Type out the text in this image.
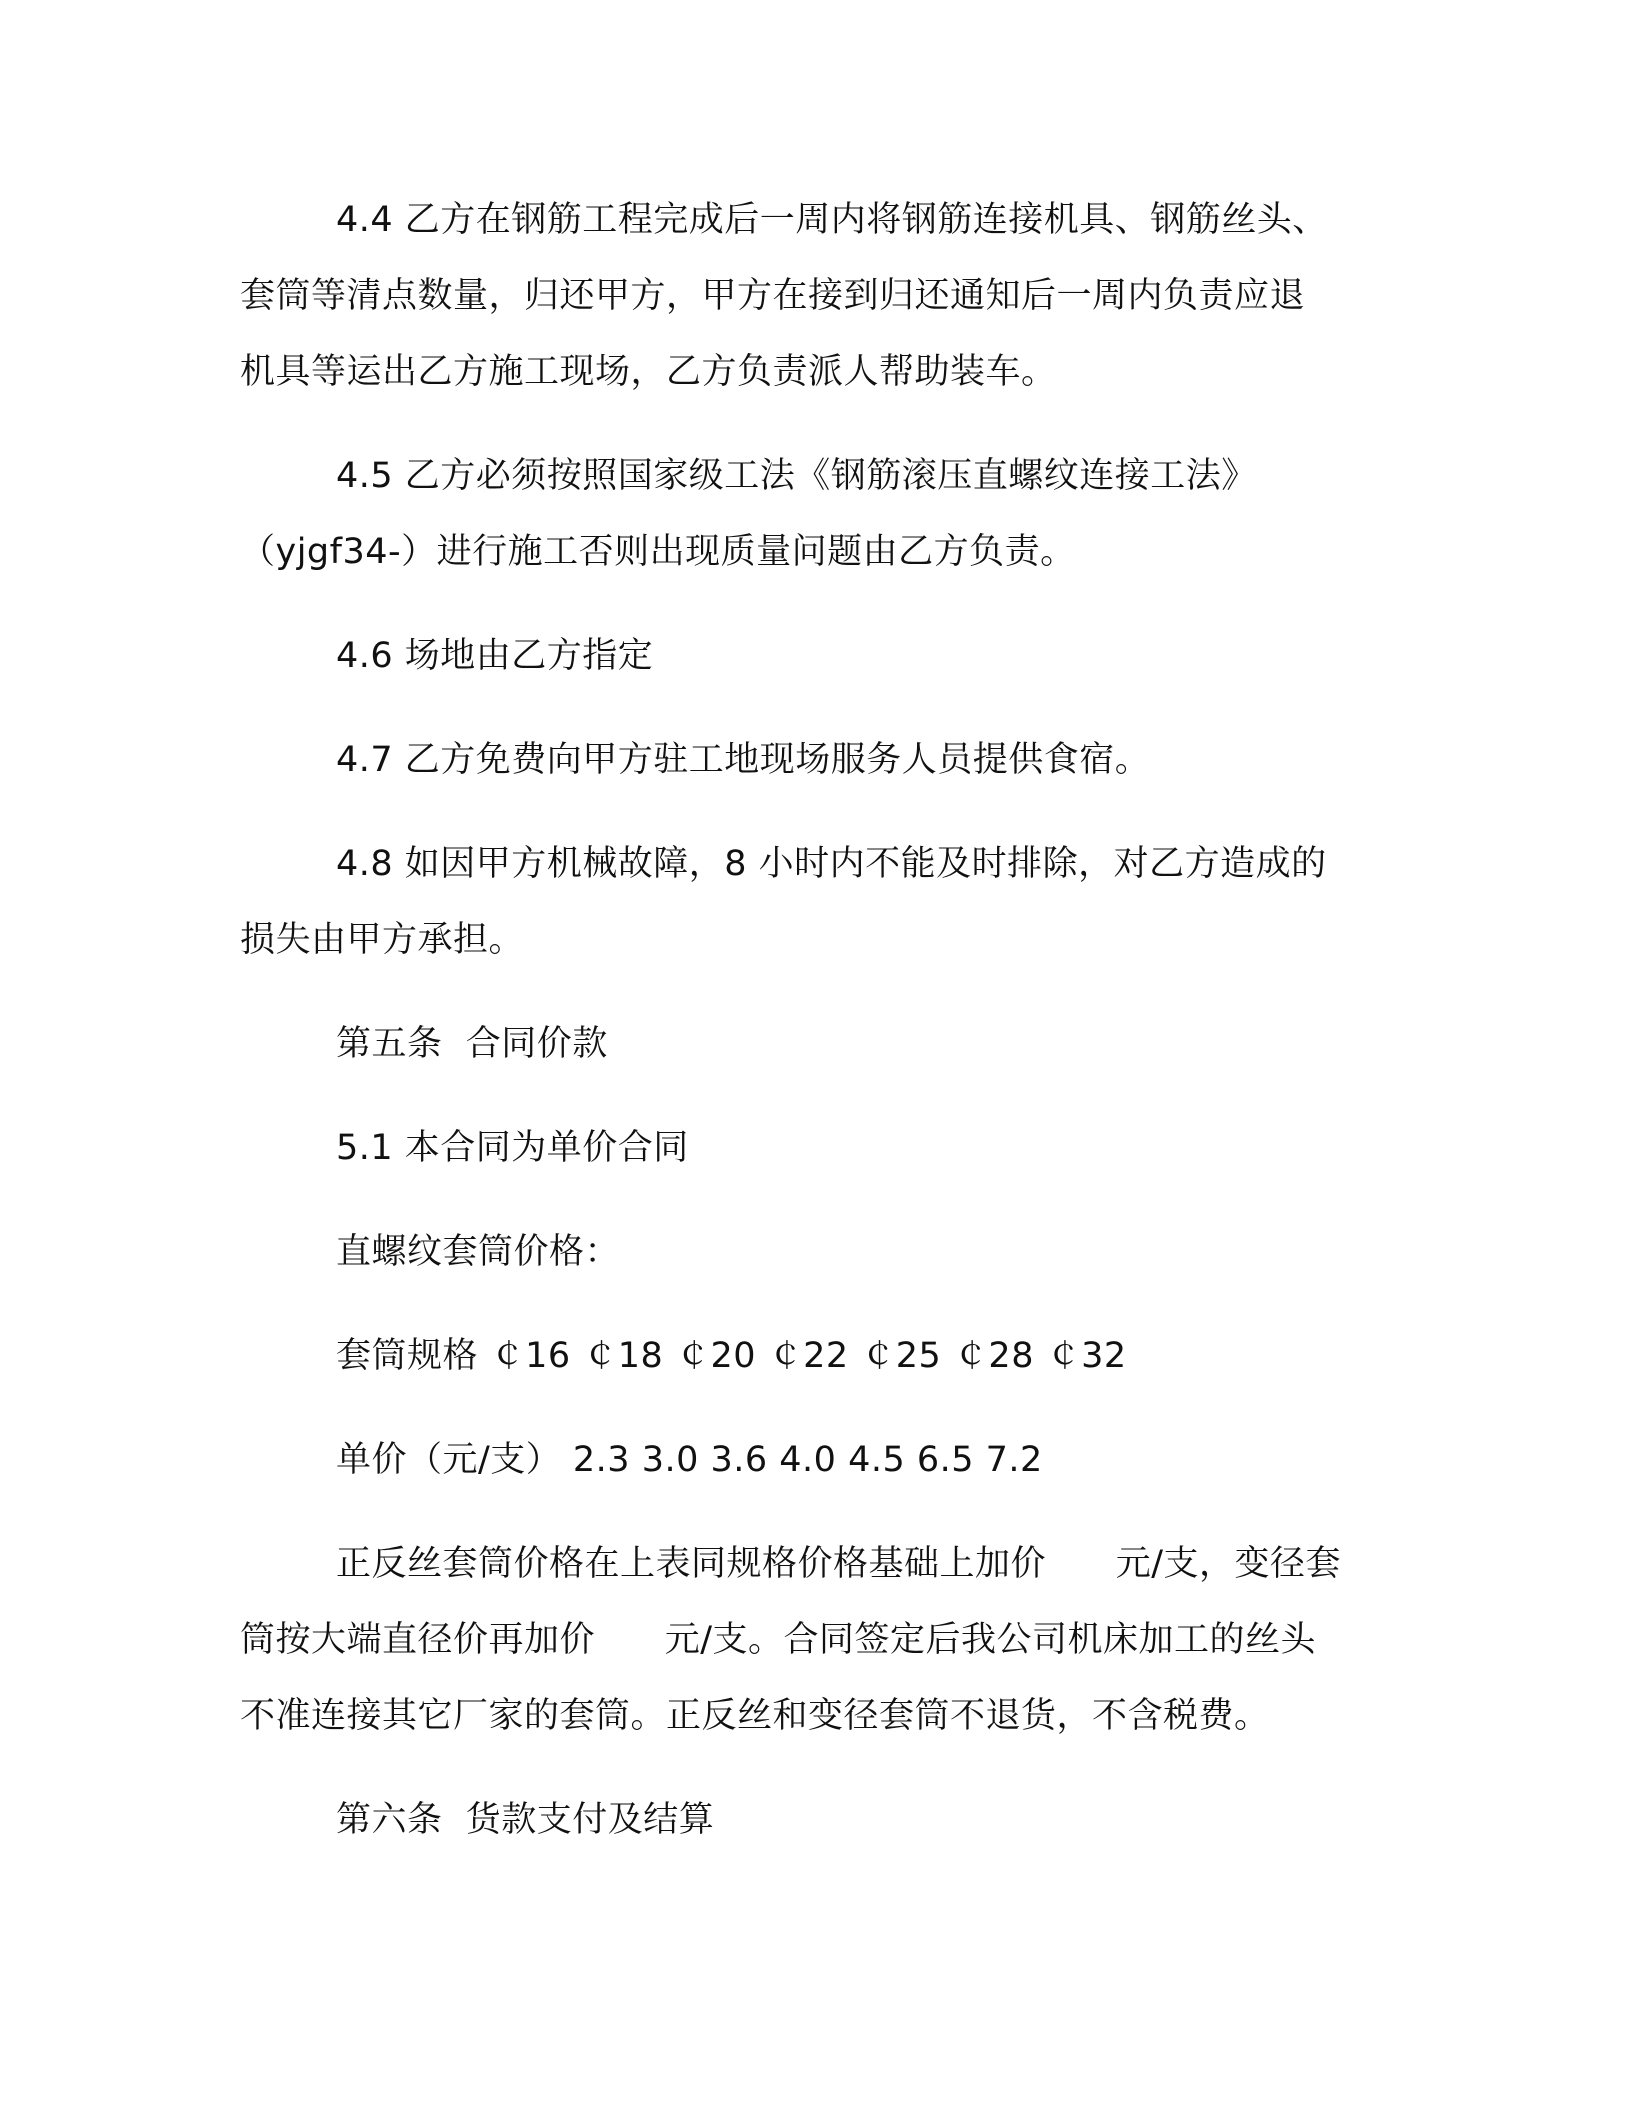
4.4 乙方在钢筋工程完成后一周内将钢筋连接机具、钢筋丝头、
套筒等清点数量，归还甲方，甲方在接到归还通知后一周内负责应退
机具等运出乙方施工现场，乙方负责派人帮助装车。
4.5 乙方必须按照国家级工法《钢筋滚压直螺纹连接工法》
（yjgf34-）进行施工否则出现质量问题由乙方负责。
4.6 场地由乙方指定
4.7 乙方免费向甲方驻工地现场服务人员提供食宿。
4.8 如因甲方机械故障，8 小时内不能及时排除，对乙方造成的
损失由甲方承担。
第五条  合同价款
5.1 本合同为单价合同
直螺纹套筒价格：
套筒规格 ￠16 ￠18 ￠20 ￠22 ￠25 ￠28 ￠32
单价（元/支） 2.3 3.0 3.6 4.0 4.5 6.5 7.2
正反丝套筒价格在上表同规格价格基础上加价      元/支，变径套
筒按大端直径价再加价      元/支。合同签定后我公司机床加工的丝头
不准连接其它厂家的套筒。正反丝和变径套筒不退货，不含税费。
第六条  货款支付及结算
